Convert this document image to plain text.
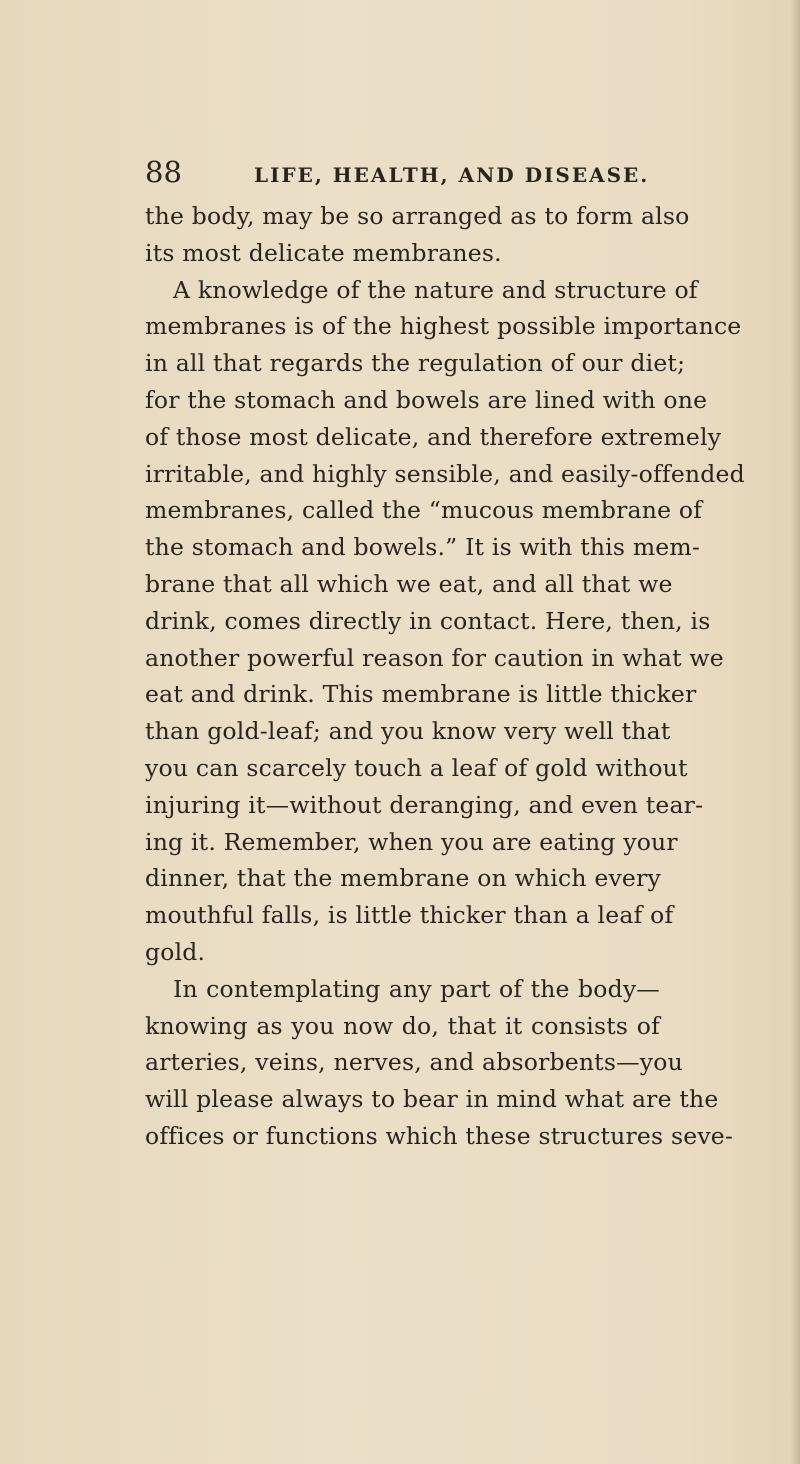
88	LIFE, HEALTH, AND DISEASE.
the body, may be so arranged as to form also
its most delicate membranes.
A knowledge of the nature and structure of
membranes is of the highest possible importance
in all that regards the regulation of our diet;
for the stomach and bowels are lined with one
of those most delicate, and therefore extremely
irritable, and highly sensible, and easily-offended
membranes, called the “mucous membrane of
the stomach and bowels.” It is with this mem-
brane that all which we eat, and all that we
drink, comes directly in contact. Here, then, is
another powerful reason for caution in what we
eat and drink. This membrane is little thicker
than gold-leaf; and you know very well that
you can scarcely touch a leaf of gold without
injuring it—without deranging, and even tear-
ing it. Remember, when you are eating your
dinner, that the membrane on which every
mouthful falls, is little thicker than a leaf of
gold.
In contemplating any part of the body—
knowing as you now do, that it consists of
arteries, veins, nerves, and absorbents—you
will please always to bear in mind what are the
offices or functions which these structures seve-
